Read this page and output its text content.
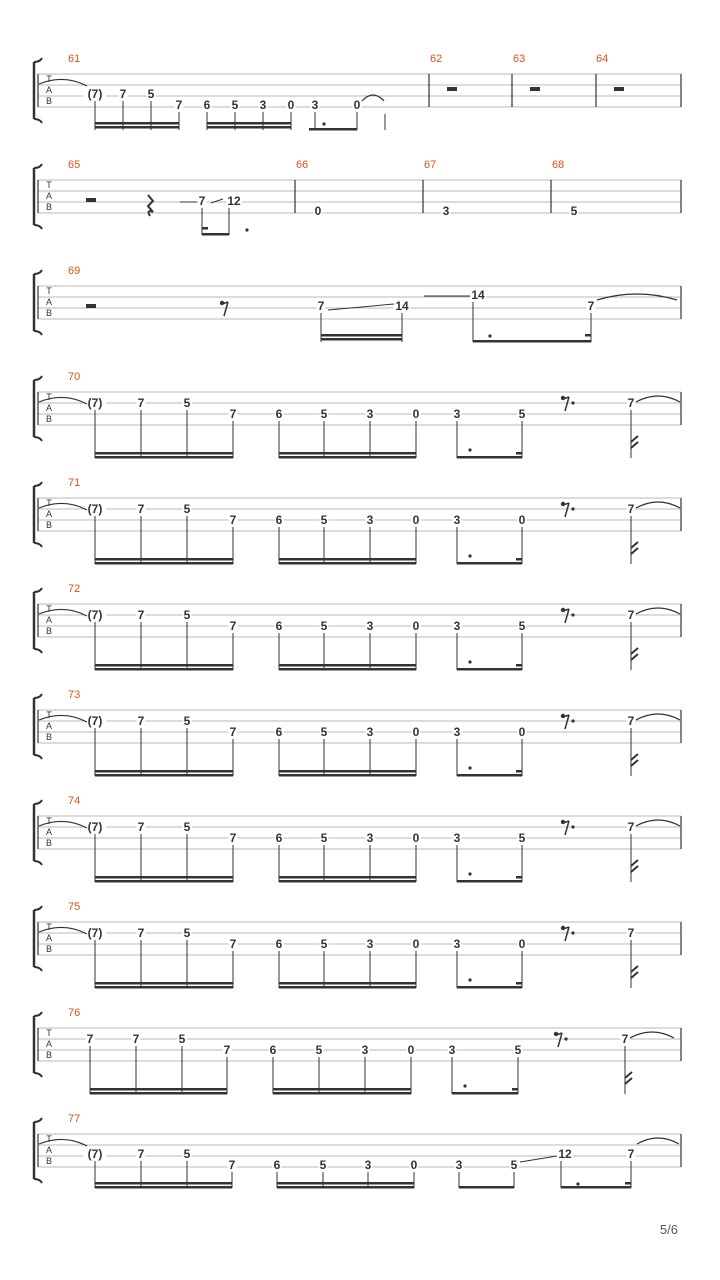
T
A
B
61	62	63	64
(7) 7 5
7 6 5 3 0 3	0
T
A
B
65	66	67	68
7 12
0	3	5
T
A
B
69
7	14
14
7
T
A
B
70
(7)	7	5
7	6	5	3	0	3	5
7
T
A
B
71
(7)	7	5
7	6	5	3	0	3	0
7
T
A
B
72
(7)	7	5
7	6	5	3	0	3	5
7
T
A
B
73
(7)	7	5
7	6	5	3	0	3	0
7
T
A
B
74
(7)	7	5
7	6	5	3	0	3	5
7
T
A
B
75
(7)	7	5
7	6	5	3	0	3	0
7
T
A
B
76
7	7	5
7	6	5	3	0	3	5
7
T
A
B
77
(7)	7	5
7	6	5	3	0	3	5
12	7
5/6
